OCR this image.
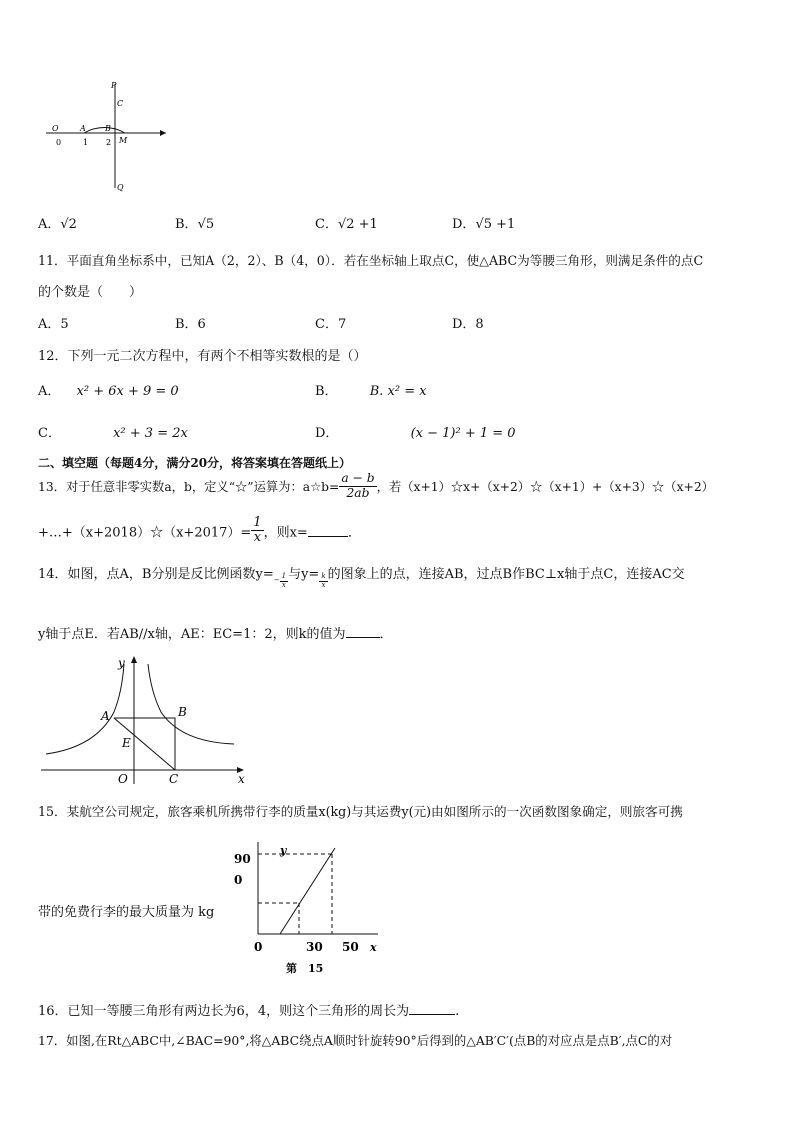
O	A B
M
C
P
Q
0	1 2
A．√2	B．√5	C．√2 +1	D．√5 +1
11．平面直角坐标系中，已知A（2，2）、B（4，0）．若在坐标轴上取点C，使△ABC为等腰三角形，则满足条件的点C
的个数是（　　）
A．5	B．6	C．7	D．8
12．下列一元二次方程中，有两个不相等实数根的是（）
A． x² + 6x + 9 = 0	B． B. x² = x
C．	x² + 3 = 2x	D．	(x − 1)² + 1 = 0
二、填空题（每题4分，满分20分，将答案填在答题纸上）
13．对于任意非零实数a，b，定义“☆”运算为：a☆b= $\frac{a - b}{2ab}$ ，若（x+1）☆x+（x+2）☆（x+1）+（x+3）☆（x+2）
+…+（x+2018）☆（x+2017）= $\frac{1}{x}$ ，则x=	．
14．如图，点A，B分别是反比例函数$y=- \frac{1}{x}$ 与$y= \frac{k}{x}$ 的图象上的点，连接AB，过点B作BC⊥x轴于点C，连接AC交
y轴于点E．若AB//x轴，AE：EC=1：2，则k的值为	．
y
x
A	B
E
O	C
15．某航空公司规定，旅客乘机所携带行李的质量x(kg)与其运费y(元)由如图所示的一次函数图象确定，则旅客可携
带的免费行李的最大质量为 kg
y
90
0
0	30 50 x
第　15
16．已知一等腰三角形有两边长为6，4，则这个三角形的周长为	.
17．如图,在Rt△ABC中,∠BAC=90°,将△ABC绕点A顺时针旋转90°后得到的△AB′C′(点B的对应点是点B′,点C的对
